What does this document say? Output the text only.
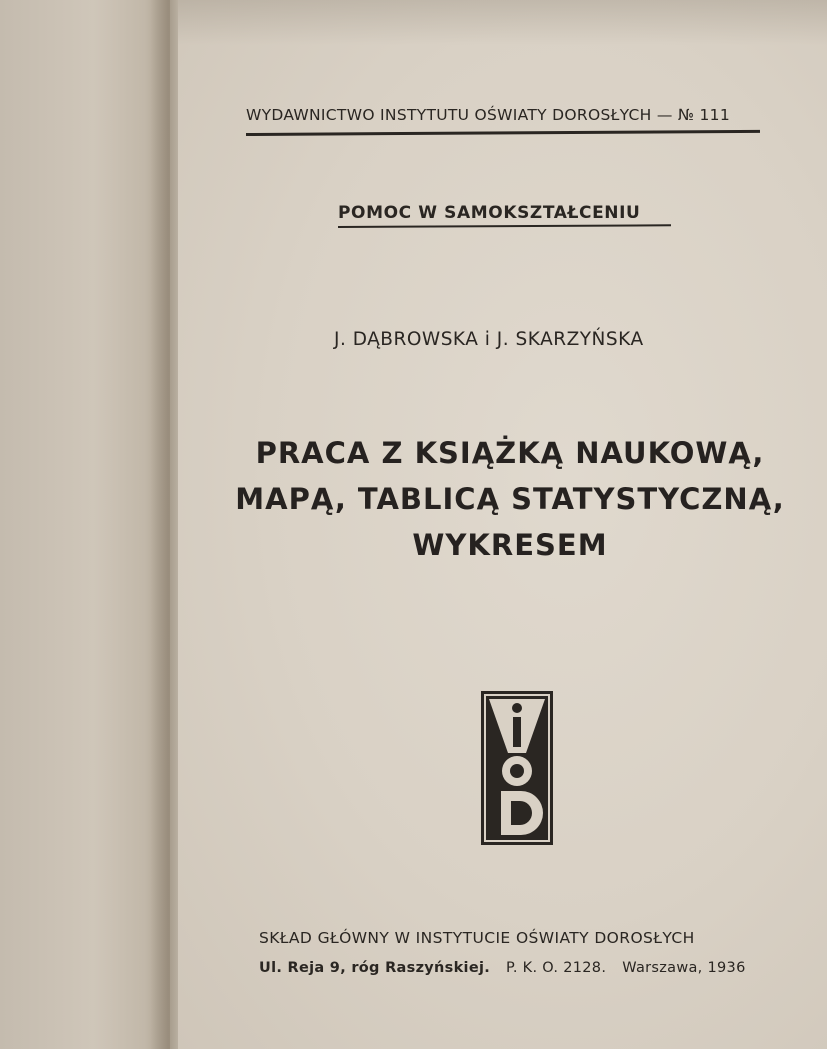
WYDAWNICTWO INSTYTUTU OŚWIATY DOROSŁYCH — № 111
POMOC W SAMOKSZTAŁCENIU
J. DĄBROWSKA i J. SKARZYŃSKA
PRACA Z KSIĄŻKĄ NAUKOWĄ,
MAPĄ, TABLICĄ STATYSTYCZNĄ,
WYKRESEM
SKŁAD GŁÓWNY W INSTYTUCIE OŚWIATY DOROSŁYCH
Ul. Reja 9, róg Raszyńskiej. P. K. O. 2128. Warszawa, 1936
